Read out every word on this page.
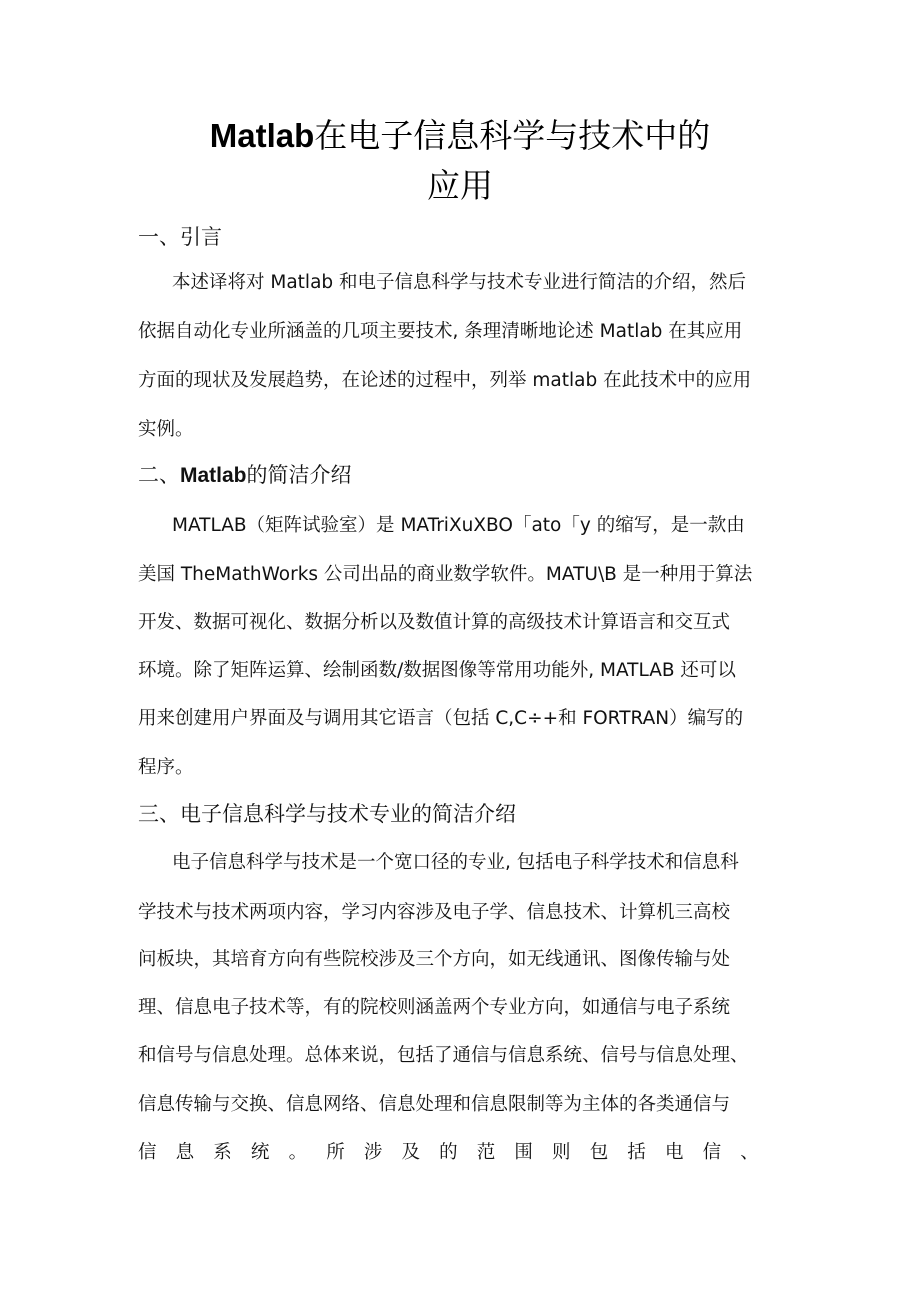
Matlab在电子信息科学与技术中的
应用
一、引言
本述译将对 Matlab 和电子信息科学与技术专业进行简洁的介绍，然后
依据自动化专业所涵盖的几项主要技术, 条理清晰地论述 Matlab 在其应用
方面的现状及发展趋势，在论述的过程中，列举 matlab 在此技术中的应用
实例。
二、Matlab的简洁介绍
MATLAB（矩阵试验室）是 MATriXuXBO「ato「y 的缩写，是一款由
美国 TheMathWorks 公司出品的商业数学软件。MATU\B 是一种用于算法
开发、数据可视化、数据分析以及数值计算的高级技术计算语言和交互式
环境。除了矩阵运算、绘制函数/数据图像等常用功能外, MATLAB 还可以
用来创建用户界面及与调用其它语言（包括 C,C÷+和 FORTRAN）编写的
程序。
三、电子信息科学与技术专业的简洁介绍
电子信息科学与技术是一个宽口径的专业, 包括电子科学技术和信息科
学技术与技术两项内容，学习内容涉及电子学、信息技术、计算机三高校
问板块，其培育方向有些院校涉及三个方向，如无线通讯、图像传输与处
理、信息电子技术等，有的院校则涵盖两个专业方向，如通信与电子系统
和信号与信息处理。总体来说，包括了通信与信息系统、信号与信息处理、
信息传输与交换、信息网络、信息处理和信息限制等为主体的各类通信与
信 息 系 统 。 所 涉 及 的 范 围 则 包 括 电 信 、
